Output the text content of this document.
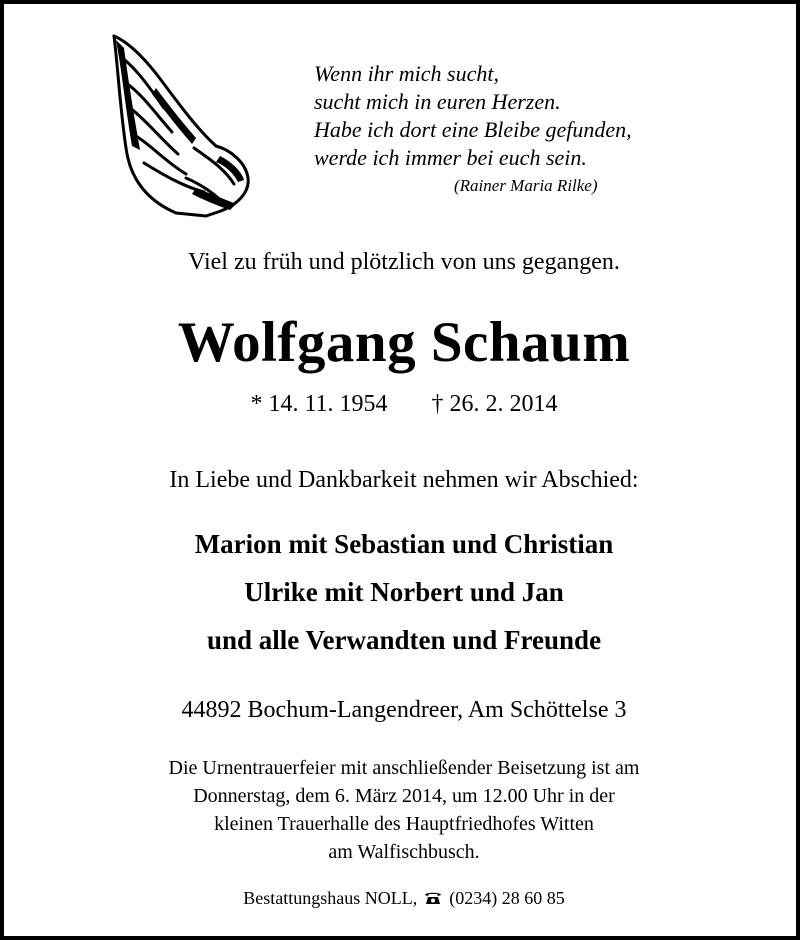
Wenn ihr mich sucht,
sucht mich in euren Herzen.
Habe ich dort eine Bleibe gefunden,
werde ich immer bei euch sein.
(Rainer Maria Rilke)
Viel zu früh und plötzlich von uns gegangen.
Wolfgang Schaum
* 14. 11. 1954 † 26. 2. 2014
In Liebe und Dankbarkeit nehmen wir Abschied:
Marion mit Sebastian und Christian
Ulrike mit Norbert und Jan
und alle Verwandten und Freunde
44892 Bochum-Langendreer, Am Schöttelse 3
Die Urnentrauerfeier mit anschließender Beisetzung ist am
Donnerstag, dem 6. März 2014, um 12.00 Uhr in der
kleinen Trauerhalle des Hauptfriedhofes Witten
am Walfischbusch.
Bestattungshaus NOLL, (0234) 28 60 85
